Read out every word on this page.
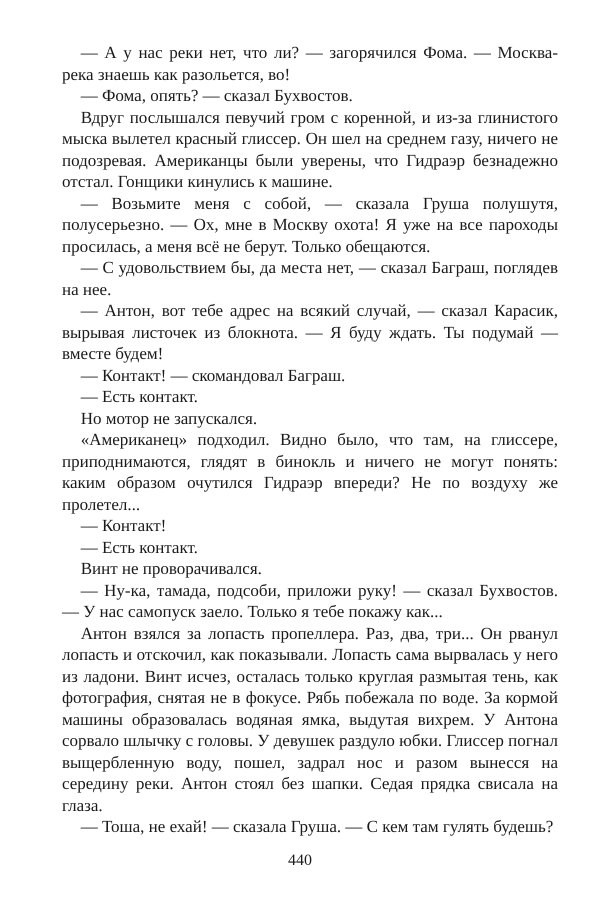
— А у нас реки нет, что ли? — загорячился Фома. — Москва-река знаешь как разольется, во!

— Фома, опять? — сказал Бухвостов.

Вдруг послышался певучий гром с коренной, и из-за глинистого мыска вылетел красный глиссер. Он шел на среднем газу, ничего не подозревая. Американцы были уверены, что Гидраэр безнадежно отстал. Гонщики кинулись к машине.

— Возьмите меня с собой, — сказала Груша полушутя, полусерьезно. — Ох, мне в Москву охота! Я уже на все пароходы просилась, а меня всё не берут. Только обещаются.

— С удовольствием бы, да места нет, — сказал Баграш, поглядев на нее.

— Антон, вот тебе адрес на всякий случай, — сказал Карасик, вырывая листочек из блокнота. — Я буду ждать. Ты подумай — вместе будем!

— Контакт! — скомандовал Баграш.

— Есть контакт.

Но мотор не запускался.

«Американец» подходил. Видно было, что там, на глиссере, приподнимаются, глядят в бинокль и ничего не могут понять: каким образом очутился Гидраэр впереди? Не по воздуху же пролетел...

— Контакт!

— Есть контакт.

Винт не проворачивался.

— Ну-ка, тамада, подсоби, приложи руку! — сказал Бухвостов. — У нас самопуск заело. Только я тебе покажу как...

Антон взялся за лопасть пропеллера. Раз, два, три... Он рванул лопасть и отскочил, как показывали. Лопасть сама вырвалась у него из ладони. Винт исчез, осталась только круглая размытая тень, как фотография, снятая не в фокусе. Рябь побежала по воде. За кормой машины образовалась водяная ямка, выдутая вихрем. У Антона сорвало шлычку с головы. У девушек раздуло юбки. Глиссер погнал выщербленную воду, пошел, задрал нос и разом вынесся на середину реки. Антон стоял без шапки. Седая прядка свисала на глаза.

— Тоша, не ехай! — сказала Груша. — С кем там гулять будешь?

440
